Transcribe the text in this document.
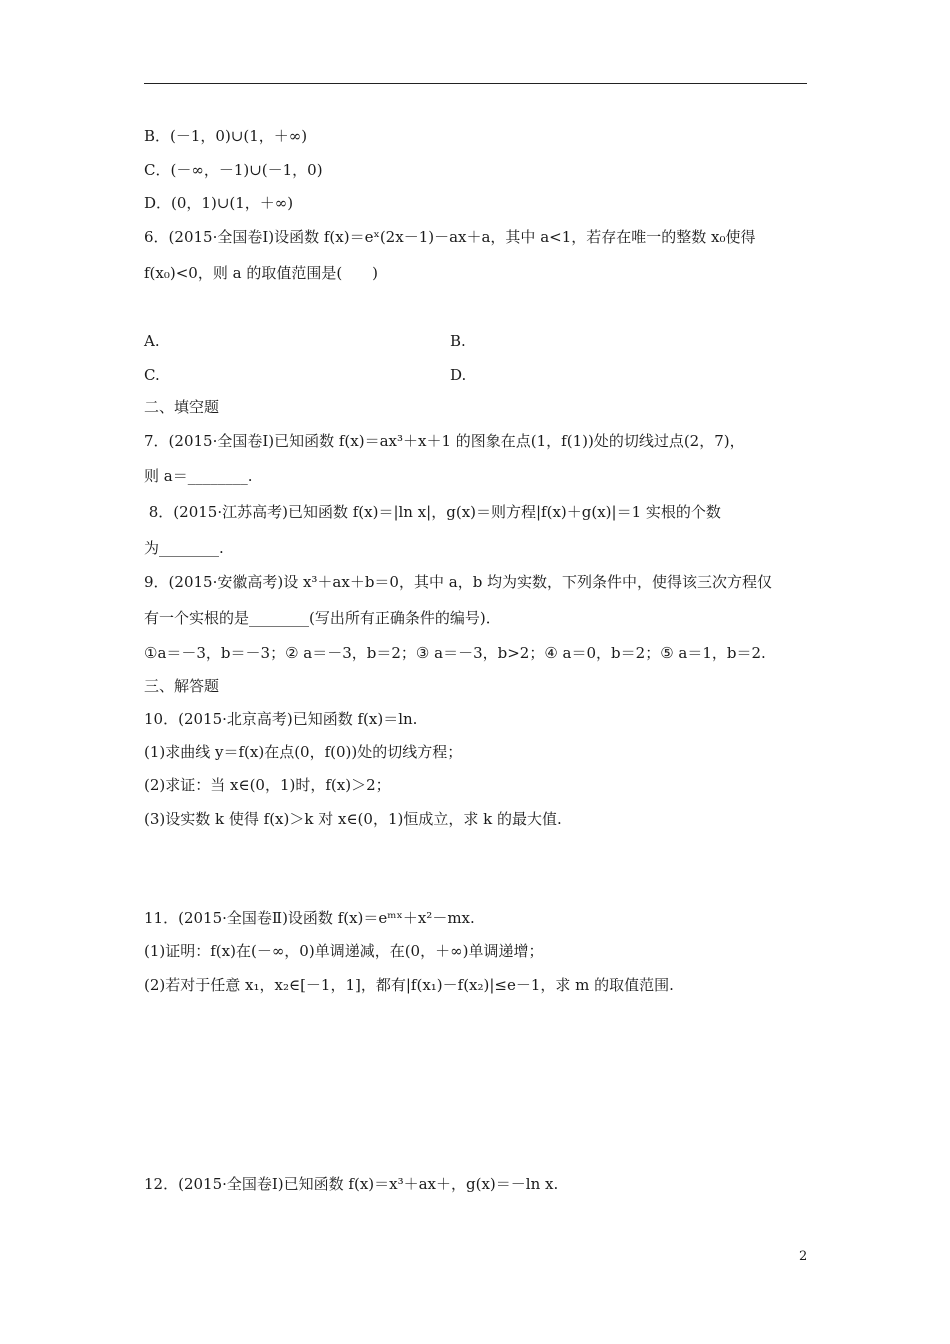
B．(－1，0)∪(1，＋∞)
C．(－∞，－1)∪(－1，0)
D．(0，1)∪(1，＋∞)
6．(2015·全国卷Ⅰ)设函数 f(x)＝eˣ(2x－1)－ax＋a，其中 a<1，若存在唯一的整数 x₀使得
f(x₀)<0，则 a 的取值范围是(　　)
A.	B.
C.	D.
二、填空题
7．(2015·全国卷Ⅰ)已知函数 f(x)＝ax³＋x＋1 的图象在点(1，f(1))处的切线过点(2，7)，
则 a＝________.
8．(2015·江苏高考)已知函数 f(x)＝|ln x|，g(x)＝则方程|f(x)＋g(x)|＝1 实根的个数
为________.
9．(2015·安徽高考)设 x³＋ax＋b＝0，其中 a，b 均为实数，下列条件中，使得该三次方程仅
有一个实根的是________(写出所有正确条件的编号)．
①a＝－3，b＝－3；② a＝－3，b＝2；③ a＝－3，b>2；④ a＝0，b＝2；⑤ a＝1，b＝2.
三、解答题
10．(2015·北京高考)已知函数 f(x)＝ln.
(1)求曲线 y＝f(x)在点(0，f(0))处的切线方程；
(2)求证：当 x∈(0，1)时，f(x)＞2；
(3)设实数 k 使得 f(x)＞k 对 x∈(0，1)恒成立，求 k 的最大值.
11．(2015·全国卷Ⅱ)设函数 f(x)＝eᵐˣ＋x²－mx.
(1)证明：f(x)在(－∞，0)单调递减，在(0，＋∞)单调递增；
(2)若对于任意 x₁，x₂∈[－1，1]，都有|f(x₁)－f(x₂)|≤e－1，求 m 的取值范围.
12．(2015·全国卷Ⅰ)已知函数 f(x)＝x³＋ax＋，g(x)＝－ln x.
2
